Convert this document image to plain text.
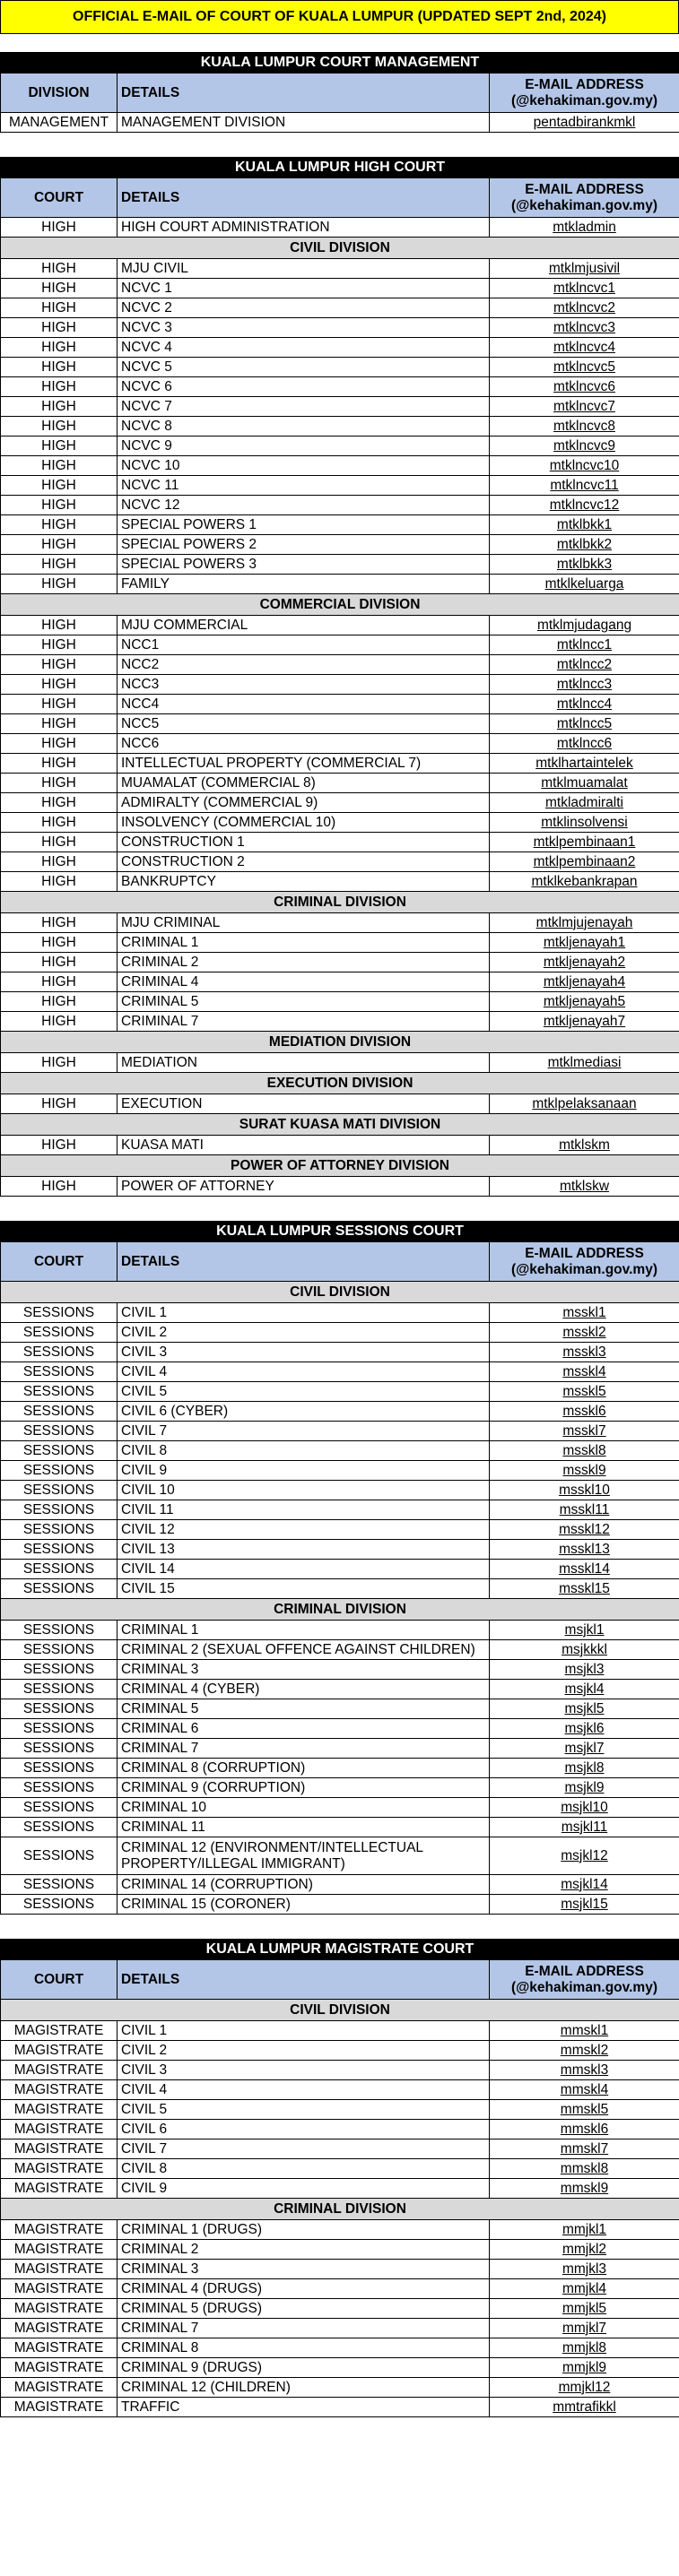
OFFICIAL E-MAIL OF COURT OF KUALA LUMPUR (UPDATED SEPT 2nd, 2024)
KUALA LUMPUR COURT MANAGEMENT		
DIVISION	DETAILS	E-MAIL ADDRESS (@kehakiman.gov.my)
MANAGEMENT	MANAGEMENT DIVISION	pentadbirankmkl
KUALA LUMPUR HIGH COURT		
COURT	DETAILS	E-MAIL ADDRESS (@kehakiman.gov.my)
HIGH	HIGH COURT ADMINISTRATION	mtkladmin
CIVIL DIVISION		
HIGH	MJU CIVIL	mtklmjusivil
HIGH	NCVC 1	mtklncvc1
HIGH	NCVC 2	mtklncvc2
HIGH	NCVC 3	mtklncvc3
HIGH	NCVC 4	mtklncvc4
HIGH	NCVC 5	mtklncvc5
HIGH	NCVC 6	mtklncvc6
HIGH	NCVC 7	mtklncvc7
HIGH	NCVC 8	mtklncvc8
HIGH	NCVC 9	mtklncvc9
HIGH	NCVC 10	mtklncvc10
HIGH	NCVC 11	mtklncvc11
HIGH	NCVC 12	mtklncvc12
HIGH	SPECIAL POWERS 1	mtklbkk1
HIGH	SPECIAL POWERS 2	mtklbkk2
HIGH	SPECIAL POWERS 3	mtklbkk3
HIGH	FAMILY	mtklkeluarga
COMMERCIAL DIVISION		
HIGH	MJU COMMERCIAL	mtklmjudagang
HIGH	NCC1	mtklncc1
HIGH	NCC2	mtklncc2
HIGH	NCC3	mtklncc3
HIGH	NCC4	mtklncc4
HIGH	NCC5	mtklncc5
HIGH	NCC6	mtklncc6
HIGH	INTELLECTUAL PROPERTY (COMMERCIAL 7)	mtklhartaintelek
HIGH	MUAMALAT (COMMERCIAL 8)	mtklmuamalat
HIGH	ADMIRALTY (COMMERCIAL 9)	mtkladmiralti
HIGH	INSOLVENCY (COMMERCIAL 10)	mtklinsolvensi
HIGH	CONSTRUCTION 1	mtklpembinaan1
HIGH	CONSTRUCTION 2	mtklpembinaan2
HIGH	BANKRUPTCY	mtklkebankrapan
CRIMINAL DIVISION		
HIGH	MJU CRIMINAL	mtklmjujenayah
HIGH	CRIMINAL 1	mtkljenayah1
HIGH	CRIMINAL 2	mtkljenayah2
HIGH	CRIMINAL 4	mtkljenayah4
HIGH	CRIMINAL 5	mtkljenayah5
HIGH	CRIMINAL 7	mtkljenayah7
MEDIATION DIVISION		
HIGH	MEDIATION	mtklmediasi
EXECUTION DIVISION		
HIGH	EXECUTION	mtklpelaksanaan
SURAT KUASA MATI DIVISION		
HIGH	KUASA MATI	mtklskm
POWER OF ATTORNEY DIVISION		
HIGH	POWER OF ATTORNEY	mtklskw
KUALA LUMPUR SESSIONS COURT		
COURT	DETAILS	E-MAIL ADDRESS (@kehakiman.gov.my)
CIVIL DIVISION		
SESSIONS	CIVIL 1	msskl1
SESSIONS	CIVIL 2	msskl2
SESSIONS	CIVIL 3	msskl3
SESSIONS	CIVIL 4	msskl4
SESSIONS	CIVIL 5	msskl5
SESSIONS	CIVIL 6 (CYBER)	msskl6
SESSIONS	CIVIL 7	msskl7
SESSIONS	CIVIL 8	msskl8
SESSIONS	CIVIL 9	msskl9
SESSIONS	CIVIL 10	msskl10
SESSIONS	CIVIL 11	msskl11
SESSIONS	CIVIL 12	msskl12
SESSIONS	CIVIL 13	msskl13
SESSIONS	CIVIL 14	msskl14
SESSIONS	CIVIL 15	msskl15
CRIMINAL DIVISION		
SESSIONS	CRIMINAL 1	msjkl1
SESSIONS	CRIMINAL 2 (SEXUAL OFFENCE AGAINST CHILDREN)	msjkkkl
SESSIONS	CRIMINAL 3	msjkl3
SESSIONS	CRIMINAL 4 (CYBER)	msjkl4
SESSIONS	CRIMINAL 5	msjkl5
SESSIONS	CRIMINAL 6	msjkl6
SESSIONS	CRIMINAL 7	msjkl7
SESSIONS	CRIMINAL 8 (CORRUPTION)	msjkl8
SESSIONS	CRIMINAL 9 (CORRUPTION)	msjkl9
SESSIONS	CRIMINAL 10	msjkl10
SESSIONS	CRIMINAL 11	msjkl11
SESSIONS	CRIMINAL 12 (ENVIRONMENT/INTELLECTUAL PROPERTY/ILLEGAL IMMIGRANT)	msjkl12
SESSIONS	CRIMINAL 14 (CORRUPTION)	msjkl14
SESSIONS	CRIMINAL 15 (CORONER)	msjkl15
KUALA LUMPUR MAGISTRATE COURT		
COURT	DETAILS	E-MAIL ADDRESS (@kehakiman.gov.my)
CIVIL DIVISION		
MAGISTRATE	CIVIL 1	mmskl1
MAGISTRATE	CIVIL 2	mmskl2
MAGISTRATE	CIVIL 3	mmskl3
MAGISTRATE	CIVIL 4	mmskl4
MAGISTRATE	CIVIL 5	mmskl5
MAGISTRATE	CIVIL 6	mmskl6
MAGISTRATE	CIVIL 7	mmskl7
MAGISTRATE	CIVIL 8	mmskl8
MAGISTRATE	CIVIL 9	mmskl9
CRIMINAL DIVISION		
MAGISTRATE	CRIMINAL 1 (DRUGS)	mmjkl1
MAGISTRATE	CRIMINAL 2	mmjkl2
MAGISTRATE	CRIMINAL 3	mmjkl3
MAGISTRATE	CRIMINAL 4 (DRUGS)	mmjkl4
MAGISTRATE	CRIMINAL 5 (DRUGS)	mmjkl5
MAGISTRATE	CRIMINAL 7	mmjkl7
MAGISTRATE	CRIMINAL 8	mmjkl8
MAGISTRATE	CRIMINAL 9 (DRUGS)	mmjkl9
MAGISTRATE	CRIMINAL 12 (CHILDREN)	mmjkl12
MAGISTRATE	TRAFFIC	mmtrafikkl
